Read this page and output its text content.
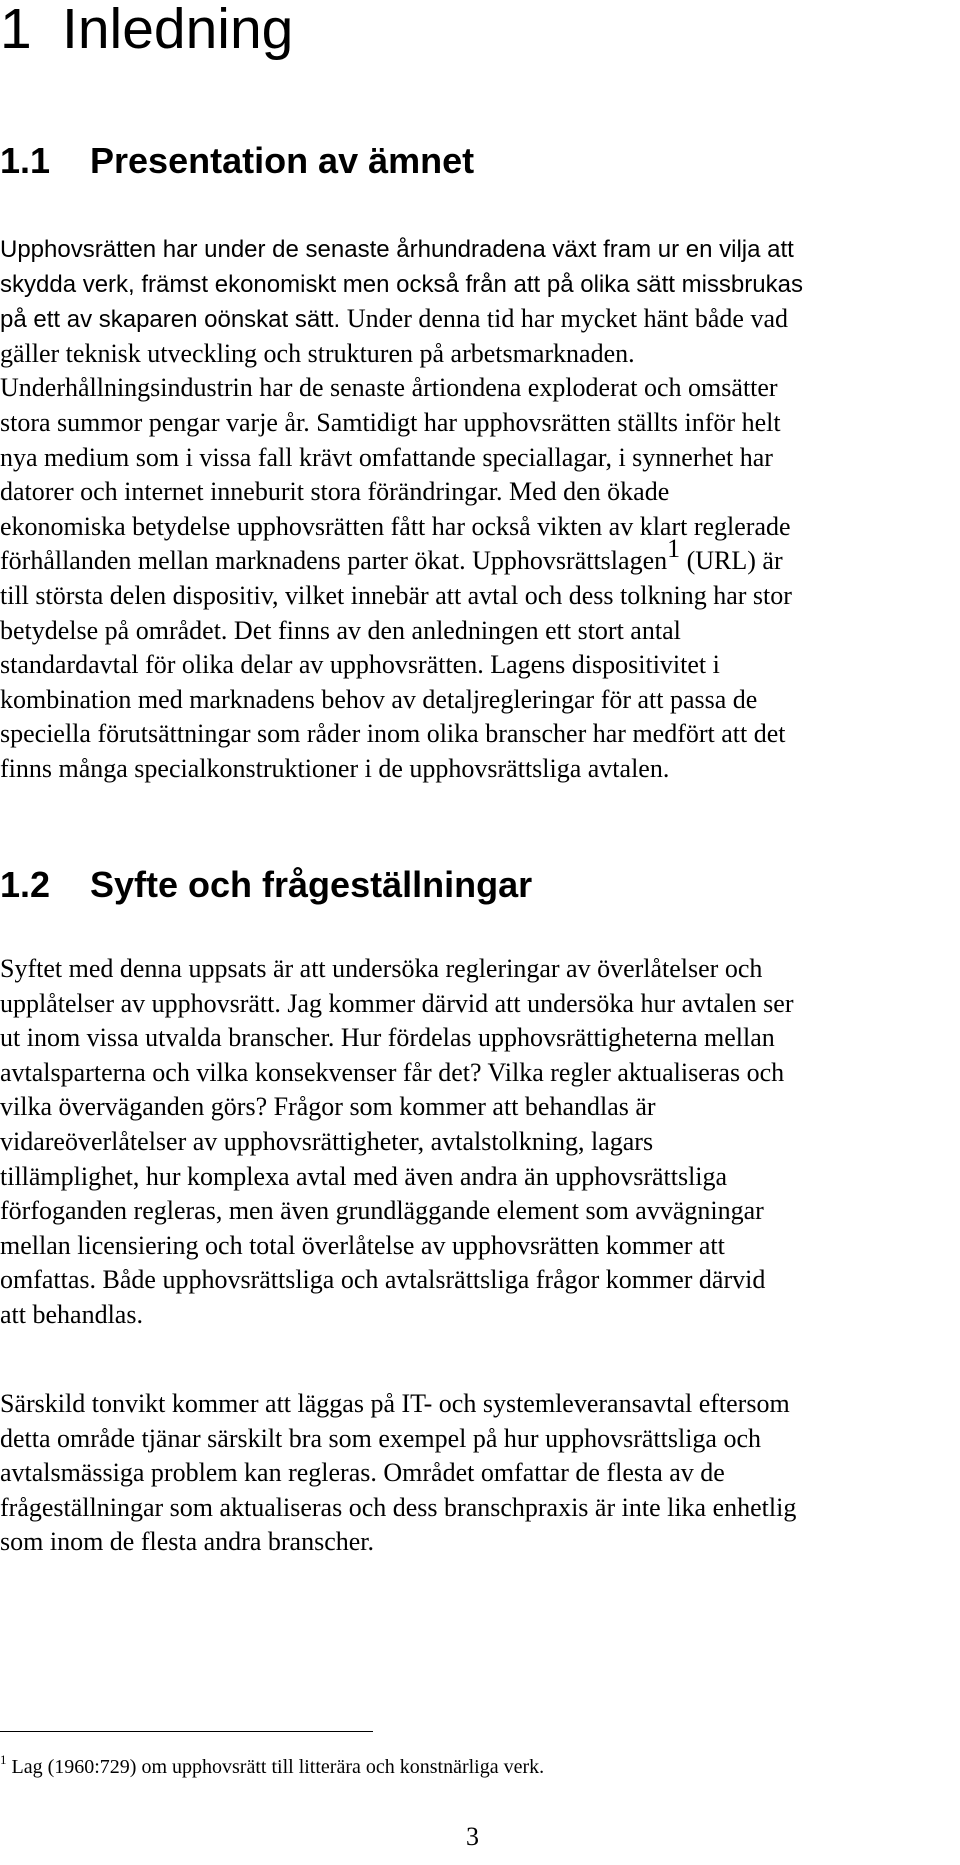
1 Inledning
1.1 Presentation av ämnet
Upphovsrätten har under de senaste århundradena växt fram ur en vilja att
skydda verk, främst ekonomiskt men också från att på olika sätt missbrukas
på ett av skaparen oönskat sätt. Under denna tid har mycket hänt både vad
gäller teknisk utveckling och strukturen på arbetsmarknaden.
Underhållningsindustrin har de senaste årtiondena exploderat och omsätter
stora summor pengar varje år. Samtidigt har upphovsrätten ställts inför helt
nya medium som i vissa fall krävt omfattande speciallagar, i synnerhet har
datorer och internet inneburit stora förändringar. Med den ökade
ekonomiska betydelse upphovsrätten fått har också vikten av klart reglerade
förhållanden mellan marknadens parter ökat. Upphovsrättslagen$^1$ (URL) är
till största delen dispositiv, vilket innebär att avtal och dess tolkning har stor
betydelse på området. Det finns av den anledningen ett stort antal
standardavtal för olika delar av upphovsrätten. Lagens dispositivitet i
kombination med marknadens behov av detaljregleringar för att passa de
speciella förutsättningar som råder inom olika branscher har medfört att det
finns många specialkonstruktioner i de upphovsrättsliga avtalen.
1.2 Syfte och frågeställningar
Syftet med denna uppsats är att undersöka regleringar av överlåtelser och
upplåtelser av upphovsrätt. Jag kommer därvid att undersöka hur avtalen ser
ut inom vissa utvalda branscher. Hur fördelas upphovsrättigheterna mellan
avtalsparterna och vilka konsekvenser får det? Vilka regler aktualiseras och
vilka överväganden görs? Frågor som kommer att behandlas är
vidareöverlåtelser av upphovsrättigheter, avtalstolkning, lagars
tillämplighet, hur komplexa avtal med även andra än upphovsrättsliga
förfoganden regleras, men även grundläggande element som avvägningar
mellan licensiering och total överlåtelse av upphovsrätten kommer att
omfattas. Både upphovsrättsliga och avtalsrättsliga frågor kommer därvid
att behandlas.
Särskild tonvikt kommer att läggas på IT- och systemleveransavtal eftersom
detta område tjänar särskilt bra som exempel på hur upphovsrättsliga och
avtalsmässiga problem kan regleras. Området omfattar de flesta av de
frågeställningar som aktualiseras och dess branschpraxis är inte lika enhetlig
som inom de flesta andra branscher.

$^1$ Lag (1960:729) om upphovsrätt till litterära och konstnärliga verk.

3
